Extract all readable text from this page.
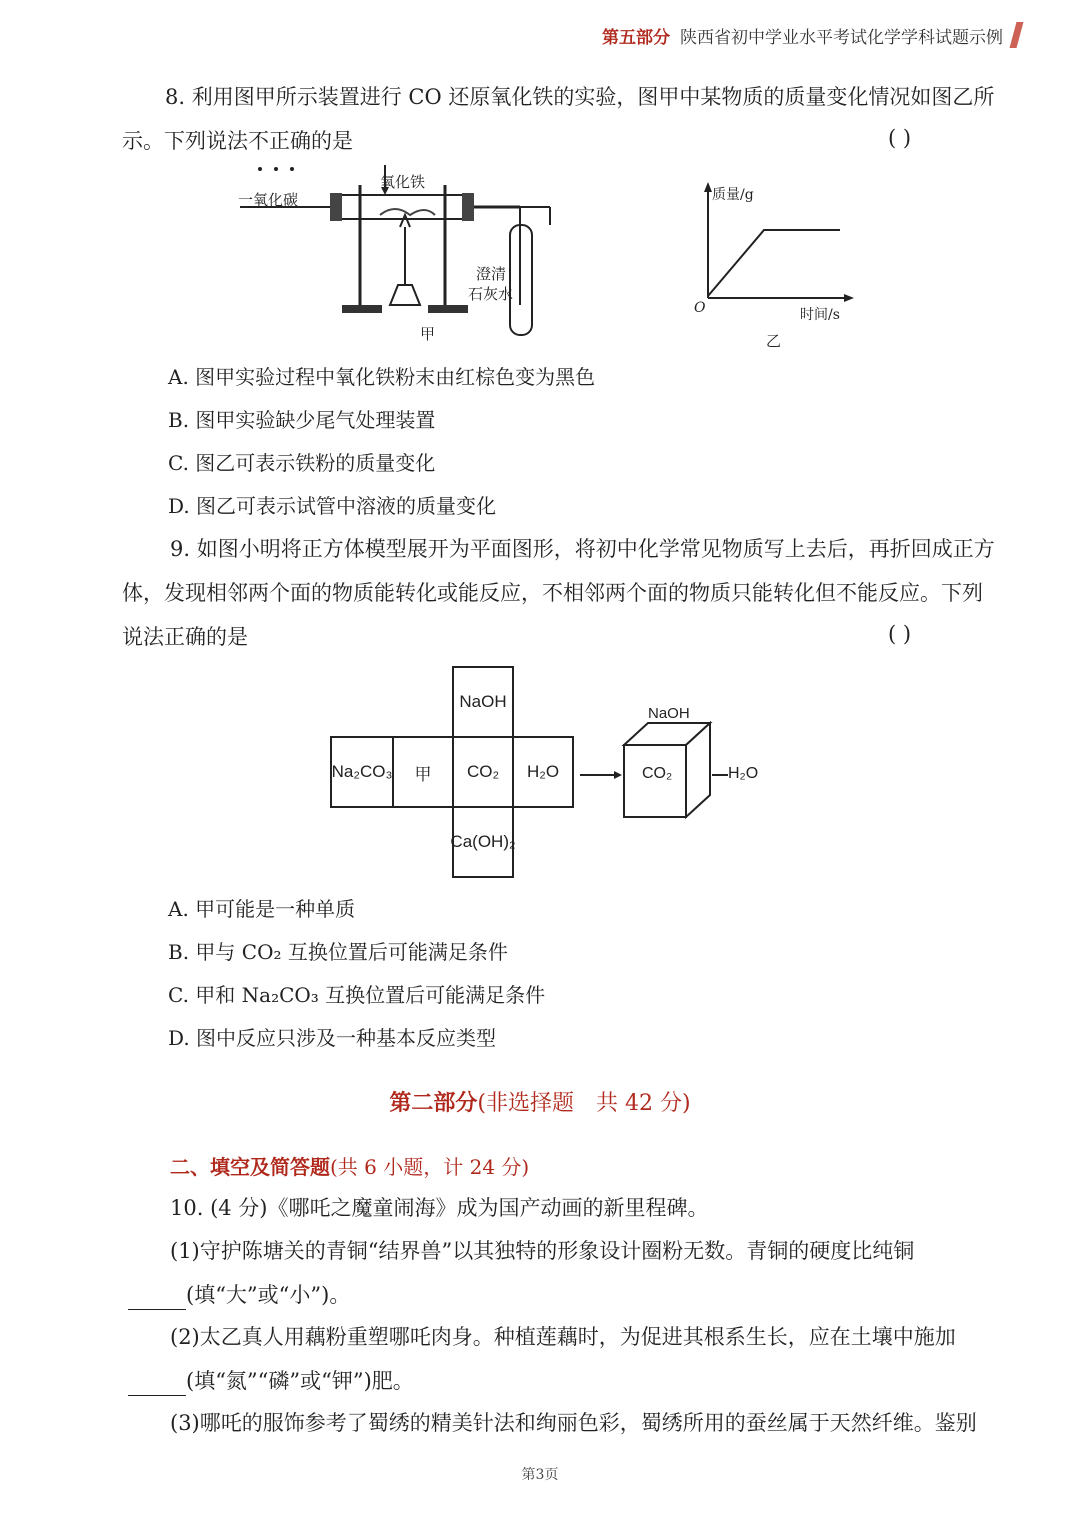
第五部分 陕西省初中学业水平考试化学学科试题示例
8. 利用图甲所示装置进行 CO 还原氧化铁的实验，图甲中某物质的质量变化情况如图乙所
示。下列说法不正确的是	( )
一氧化碳
氧化铁
澄清
石灰水
甲
质量/g
时间/s
O
乙
A. 图甲实验过程中氧化铁粉末由红棕色变为黑色
B. 图甲实验缺少尾气处理装置
C. 图乙可表示铁粉的质量变化
D. 图乙可表示试管中溶液的质量变化
9. 如图小明将正方体模型展开为平面图形，将初中化学常见物质写上去后，再折回成正方
体，发现相邻两个面的物质能转化或能反应，不相邻两个面的物质只能转化但不能反应。下列
说法正确的是	( )
NaOH
Na₂CO₃	甲	CO₂	H₂O
Ca(OH)₂
NaOH
CO₂	H₂O
A. 甲可能是一种单质
B. 甲与 CO₂ 互换位置后可能满足条件
C. 甲和 Na₂CO₃ 互换位置后可能满足条件
D. 图中反应只涉及一种基本反应类型
第二部分(非选择题　共 42 分)
二、填空及简答题(共 6 小题，计 24 分)
10. (4 分)《哪吒之魔童闹海》成为国产动画的新里程碑。
(1)守护陈塘关的青铜“结界兽”以其独特的形象设计圈粉无数。青铜的硬度比纯铜
(填“大”或“小”)。
(2)太乙真人用藕粉重塑哪吒肉身。种植莲藕时，为促进其根系生长，应在土壤中施加
(填“氮”“磷”或“钾”)肥。
(3)哪吒的服饰参考了蜀绣的精美针法和绚丽色彩，蜀绣所用的蚕丝属于天然纤维。鉴别
第3页
